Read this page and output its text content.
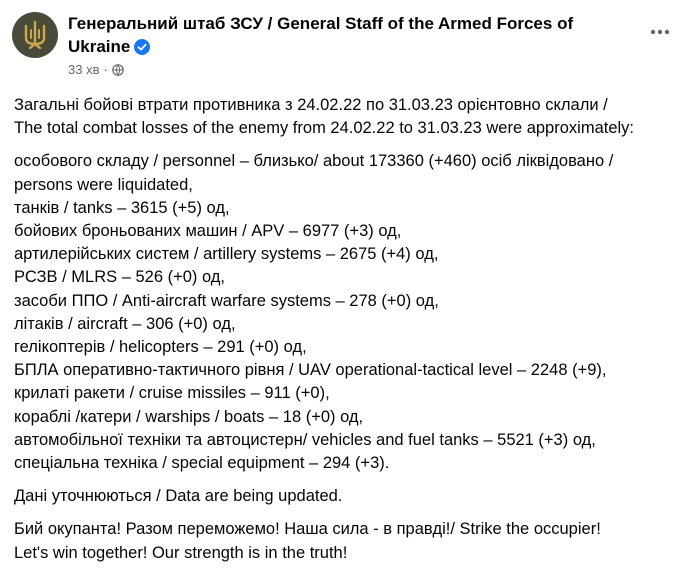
Генеральний штаб ЗСУ / General Staff of the Armed Forces of Ukraine
33 хв ·
Загальні бойові втрати противника з 24.02.22 по 31.03.23 орієнтовно склали /
The total combat losses of the enemy from 24.02.22 to 31.03.23 were approximately:
особового складу / personnel – близько/ about 173360 (+460) осіб ліквідовано /
persons were liquidated,
танків / tanks – 3615 (+5) од,
бойових броньованих машин / APV – 6977 (+3) од,
артилерійських систем / artillery systems – 2675 (+4) од,
РСЗВ / MLRS – 526 (+0) од,
засоби ППО / Anti-aircraft warfare systems – 278 (+0) од,
літаків / aircraft – 306 (+0) од,
гелікоптерів / helicopters – 291 (+0) од,
БПЛА оперативно-тактичного рівня / UAV operational-tactical level – 2248 (+9),
крилаті ракети / cruise missiles – 911 (+0),
кораблі /катери / warships / boats – 18 (+0) од,
автомобільної техніки та автоцистерн/ vehicles and fuel tanks – 5521 (+3) од,
спеціальна техніка / special equipment – 294 (+3).
Дані уточнюються / Data are being updated.
Бий окупанта! Разом переможемо! Наша сила - в правді!/ Strike the occupier!
Let's win together! Our strength is in the truth!
